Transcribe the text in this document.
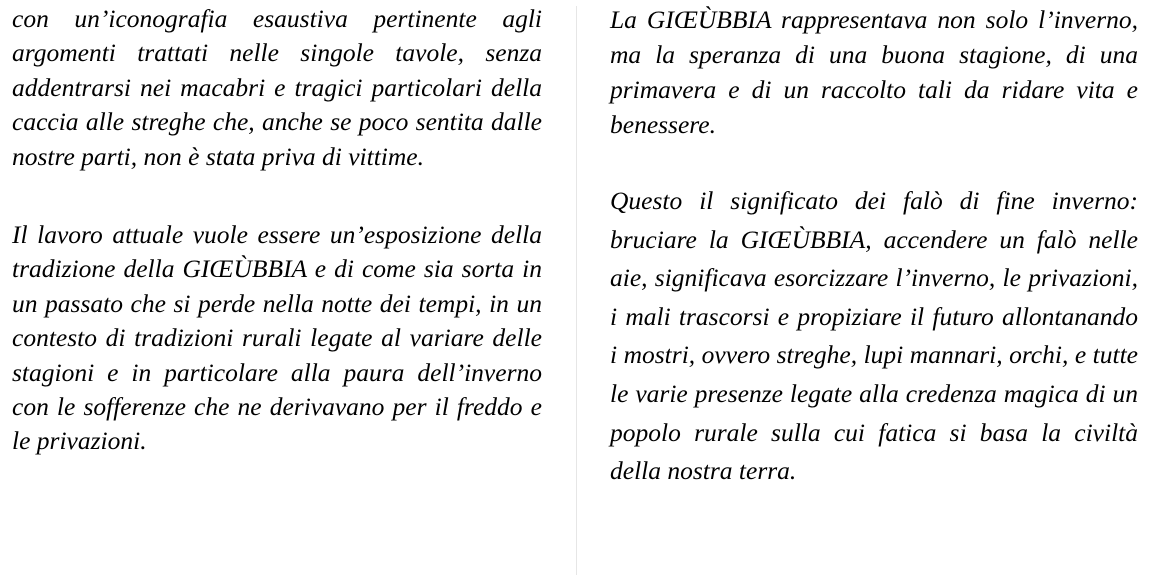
con un’iconografia esaustiva pertinente agli argomenti trattati nelle singole tavole, senza addentrarsi nei macabri e tragici particolari della caccia alle streghe che, anche se poco sentita dalle nostre parti, non è stata priva di vittime.

Il lavoro attuale vuole essere un’esposizione della tradizione della GIŒÙBBIA e di come sia sorta in un passato che si perde nella notte dei tempi, in un contesto di tradizioni rurali legate al variare delle stagioni e in particolare alla paura dell’inverno con le sofferenze che ne derivavano per il freddo e le privazioni.

La GIŒÙBBIA rappresentava non solo l’inverno, ma la speranza di una buona stagione, di una primavera e di un raccolto tali da ridare vita e benessere.

Questo il significato dei falò di fine inverno: bruciare la GIŒÙBBIA, accendere un falò nelle aie, significava esorcizzare l’inverno, le privazioni, i mali trascorsi e propiziare il futuro allontanando i mostri, ovvero streghe, lupi mannari, orchi, e tutte le varie presenze legate alla credenza magica di un popolo rurale sulla cui fatica si basa la civiltà della nostra terra.
